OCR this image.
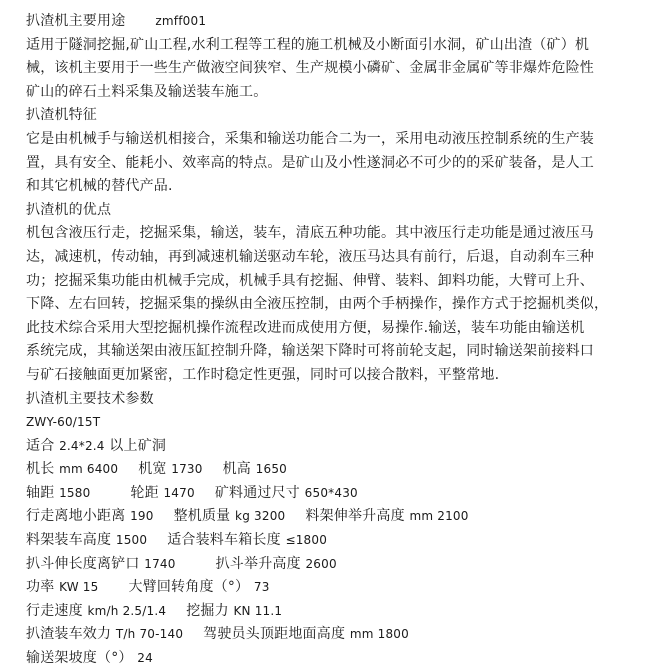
扒渣机主要用途	zmff001
适用于隧洞挖掘,矿山工程,水利工程等工程的施工机械及小断面引水洞，矿山出渣（矿）机
械，该机主要用于一些生产做液空间狭窄、生产规模小磷矿、金属非金属矿等非爆炸危险性
矿山的碎石土料采集及输送装车施工。
扒渣机特征
它是由机械手与输送机相接合，采集和输送功能合二为一，采用电动液压控制系统的生产装
置，具有安全、能耗小、效率高的特点。是矿山及小性遂洞必不可少的的采矿装备，是人工
和其它机械的替代产品.
扒渣机的优点
机包含液压行走，挖掘采集，输送，装车，清底五种功能。其中液压行走功能是通过液压马
达，减速机，传动轴，再到减速机输送驱动车轮，液压马达具有前行，后退，自动刹车三种
功；挖掘采集功能由机械手完成，机械手具有挖掘、伸臂、装料、卸料功能，大臂可上升、
下降、左右回转，挖掘采集的操纵由全液压控制，由两个手柄操作，操作方式于挖掘机类似，
此技术综合采用大型挖掘机操作流程改进而成使用方便，易操作.输送，装车功能由输送机
系统完成，其输送架由液压缸控制升降，输送架下降时可将前轮支起，同时输送架前接料口
与矿石接触面更加紧密，工作时稳定性更强，同时可以接合散料，平整常地.
扒渣机主要技术参数
ZWY-60/15T
适合 2.4*2.4 以上矿洞
机长 mm 6400 机宽 1730 机高 1650
轴距 1580	轮距 1470 矿料通过尺寸 650*430
行走离地小距离 190 整机质量 kg 3200 料架伸举升高度 mm 2100
料架装车高度 1500 适合装料车箱长度 ≤1800
扒斗伸长度离铲口 1740	扒斗举升高度 2600
功率 KW 15 大臂回转角度（°） 73
行走速度 km/h 2.5/1.4 挖掘力 KN 11.1
扒渣装车效力 T/h 70-140 驾驶员头顶距地面高度 mm 1800
输送架坡度（°） 24
